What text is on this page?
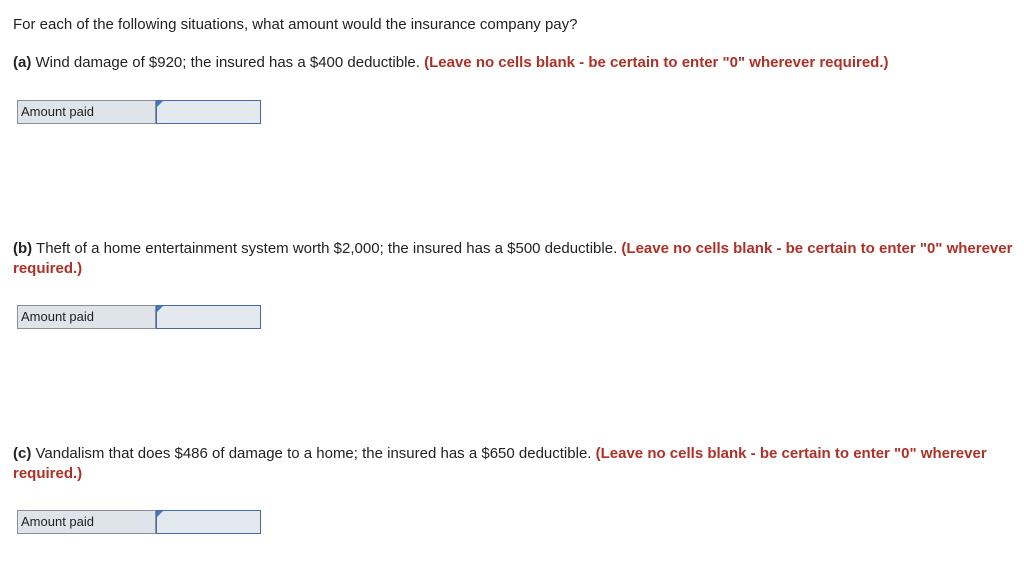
For each of the following situations, what amount would the insurance company pay?
(a) Wind damage of $920; the insured has a $400 deductible. (Leave no cells blank - be certain to enter "0" wherever required.)
Amount paid
(b) Theft of a home entertainment system worth $2,000; the insured has a $500 deductible. (Leave no cells blank - be certain to enter "0" wherever required.)
Amount paid
(c) Vandalism that does $486 of damage to a home; the insured has a $650 deductible. (Leave no cells blank - be certain to enter "0" wherever required.)
Amount paid
